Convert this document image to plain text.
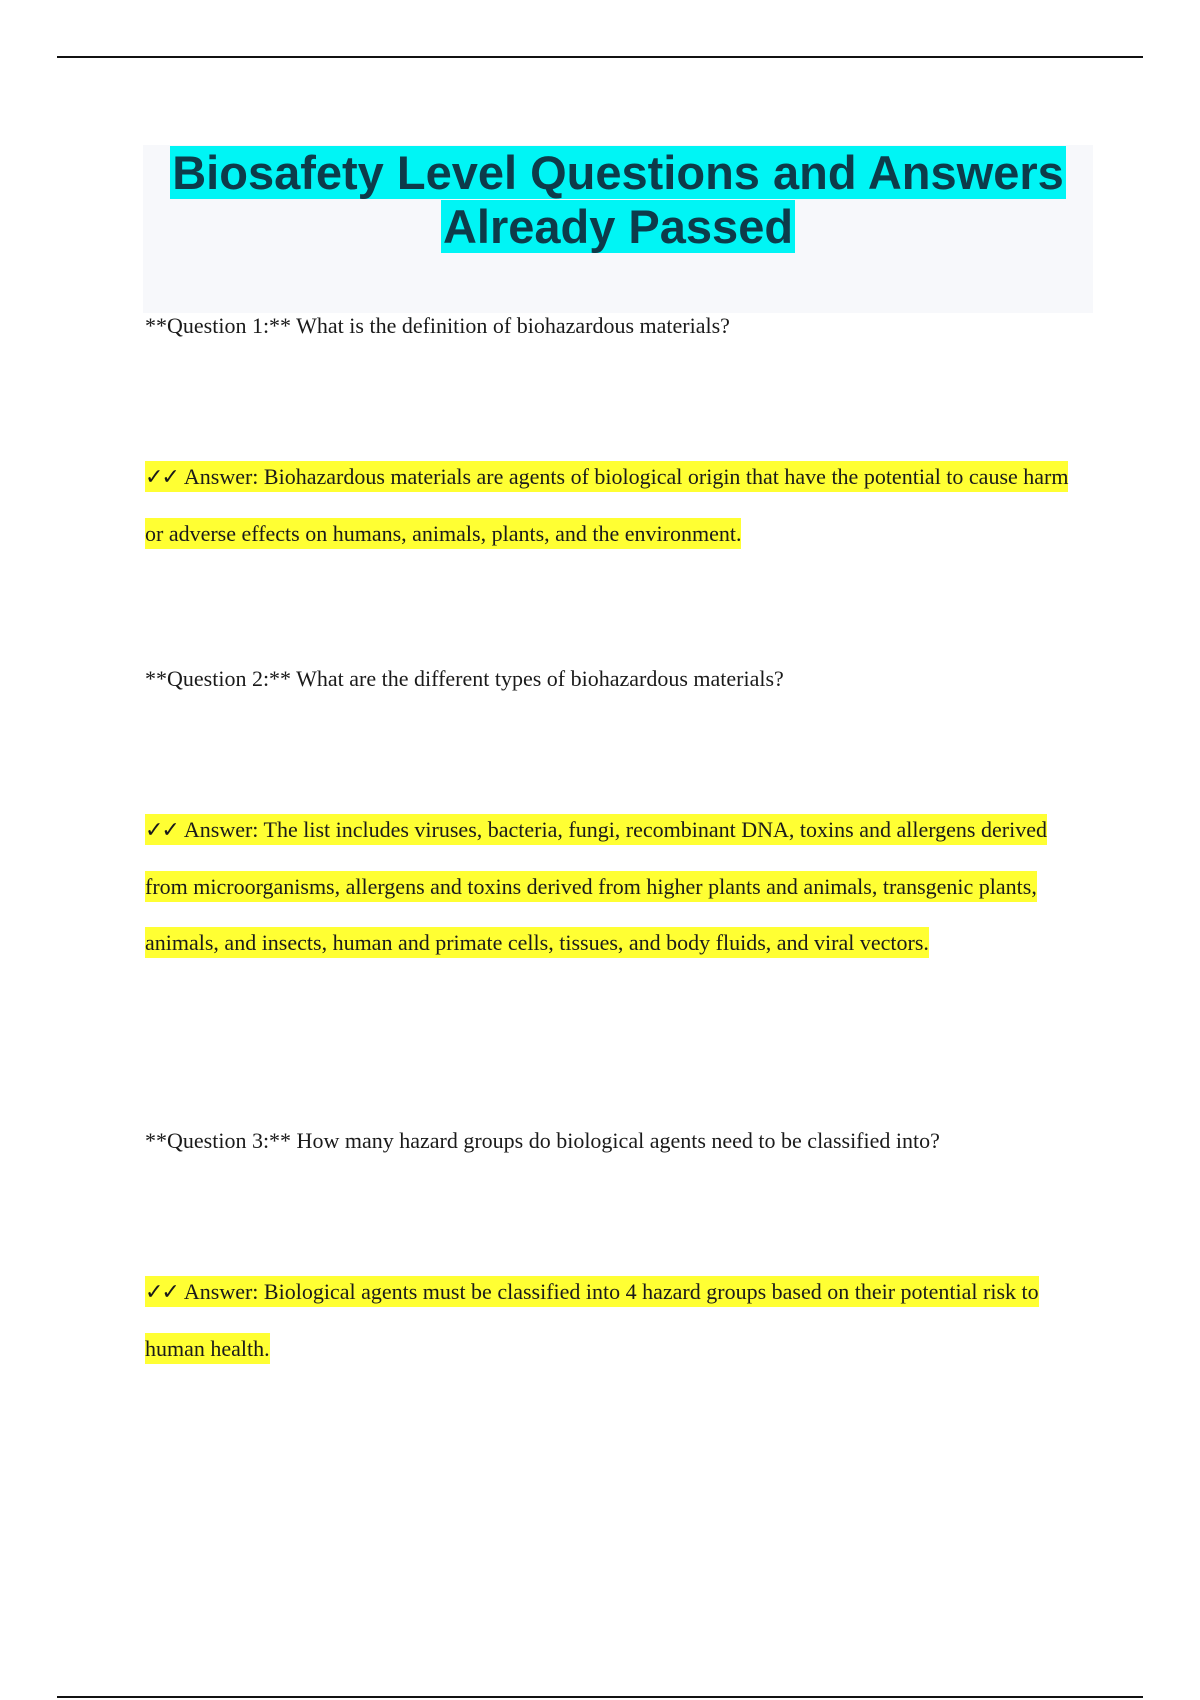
Biosafety Level Questions and Answers
Already Passed

**Question 1:** What is the definition of biohazardous materials?

✓✓ Answer: Biohazardous materials are agents of biological origin that have the potential to cause harm or adverse effects on humans, animals, plants, and the environment.

**Question 2:** What are the different types of biohazardous materials?

✓✓ Answer: The list includes viruses, bacteria, fungi, recombinant DNA, toxins and allergens derived from microorganisms, allergens and toxins derived from higher plants and animals, transgenic plants, animals, and insects, human and primate cells, tissues, and body fluids, and viral vectors.

**Question 3:** How many hazard groups do biological agents need to be classified into?

✓✓ Answer: Biological agents must be classified into 4 hazard groups based on their potential risk to human health.
